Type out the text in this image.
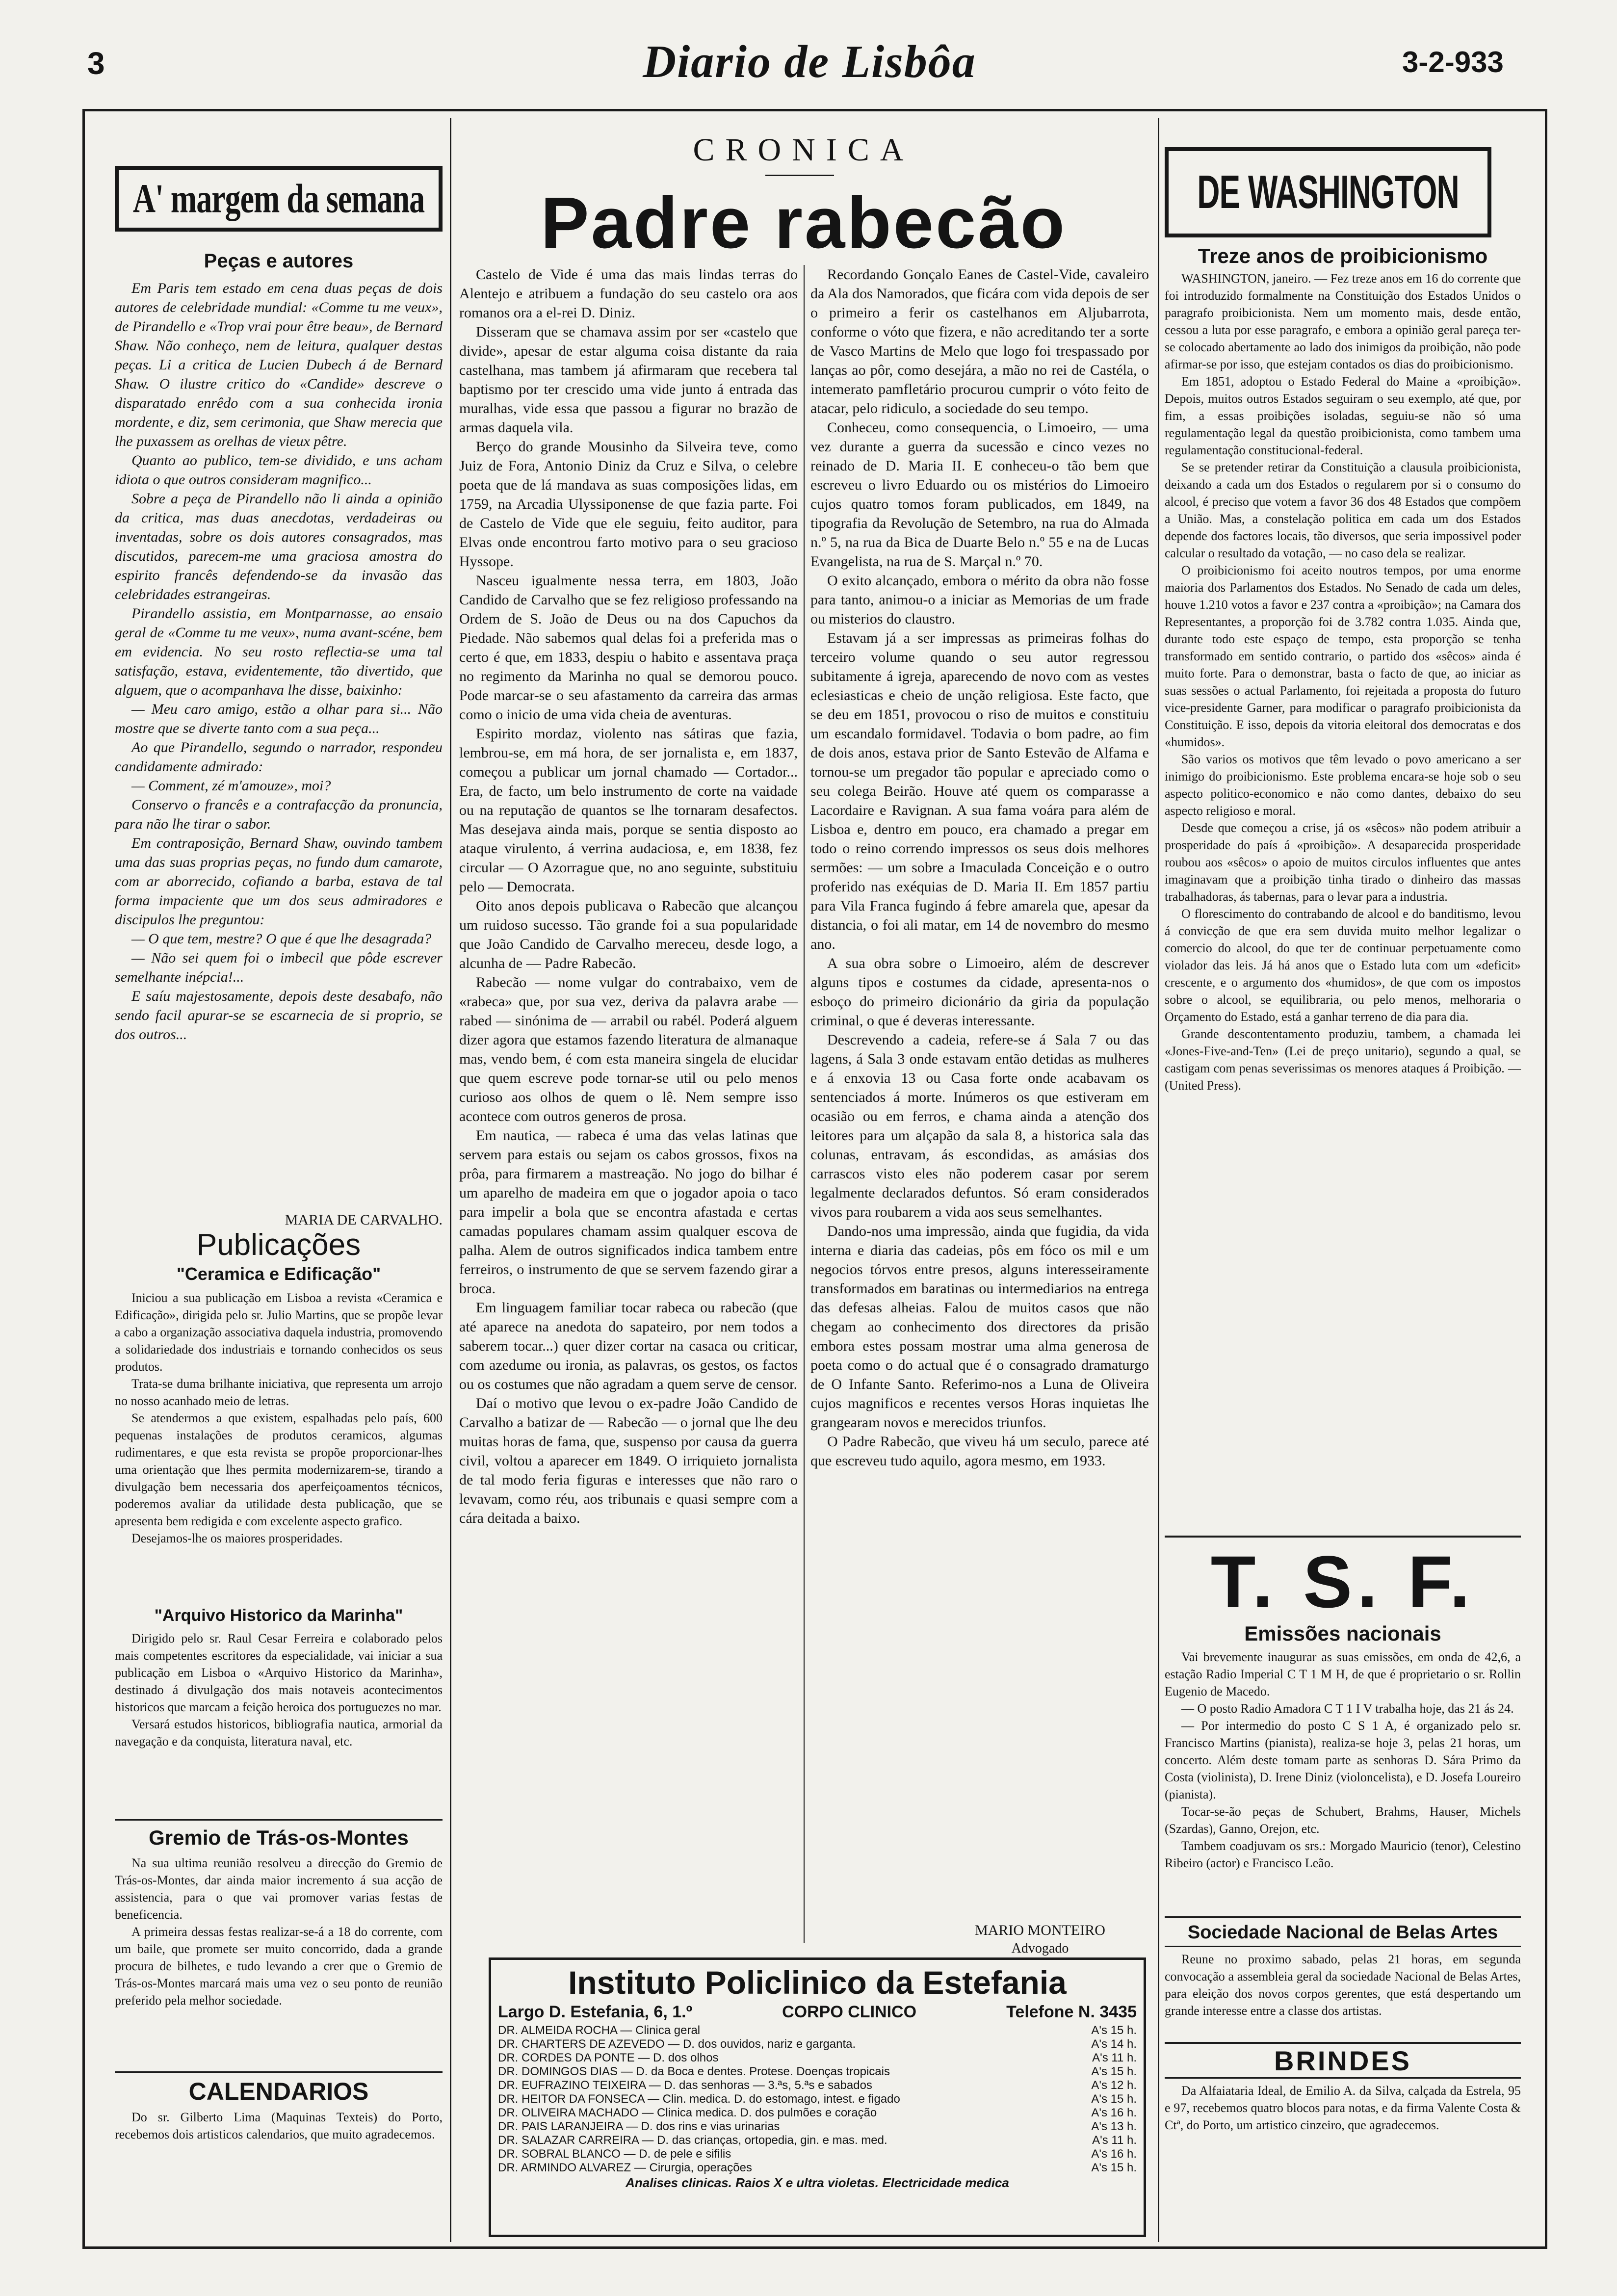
3	Diario de Lisbôa	3-2-933
A' margem da semana
Peças e autores

Em Paris tem estado em cena duas peças de dois autores de celebridade mundial: «Comme tu me veux», de Pirandello e «Trop vrai pour être beau», de Bernard Shaw. Não conheço, nem de leitura, qualquer destas peças. Li a critica de Lucien Dubech á de Bernard Shaw. O ilustre critico do «Candide» descreve o disparatado enrêdo com a sua conhecida ironia mordente, e diz, sem cerimonia, que Shaw merecia que lhe puxassem as orelhas de vieux pêtre.

Quanto ao publico, tem-se dividido, e uns acham idiota o que outros consideram magnifico...

Sobre a peça de Pirandello não li ainda a opinião da critica, mas duas anecdotas, verdadeiras ou inventadas, sobre os dois autores consagrados, mas discutidos, parecem-me uma graciosa amostra do espirito francês defendendo-se da invasão das celebridades estrangeiras.

Pirandello assistia, em Montparnasse, ao ensaio geral de «Comme tu me veux», numa avant-scéne, bem em evidencia. No seu rosto reflectia-se uma tal satisfação, estava, evidentemente, tão divertido, que alguem, que o acompanhava lhe disse, baixinho:

— Meu caro amigo, estão a olhar para si... Não mostre que se diverte tanto com a sua peça...

Ao que Pirandello, segundo o narrador, respondeu candidamente admirado:

— Comment, zé m'amouze», moi?

Conservo o francês e a contrafacção da pronuncia, para não lhe tirar o sabor.

Em contraposição, Bernard Shaw, ouvindo tambem uma das suas proprias peças, no fundo dum camarote, com ar aborrecido, cofiando a barba, estava de tal forma impaciente que um dos seus admiradores e discipulos lhe preguntou:

— O que tem, mestre? O que é que lhe desagrada?

— Não sei quem foi o imbecil que pôde escrever semelhante inépcia!...

E saíu majestosamente, depois deste desabafo, não sendo facil apurar-se se escarnecia de si proprio, se dos outros...

MARIA DE CARVALHO.
Publicações
"Ceramica e Edificação"

Iniciou a sua publicação em Lisboa a revista «Ceramica e Edificação», dirigida pelo sr. Julio Martins, que se propõe levar a cabo a organização associativa daquela industria, promovendo a solidariedade dos industriais e tornando conhecidos os seus produtos.

Trata-se duma brilhante iniciativa, que representa um arrojo no nosso acanhado meio de letras.

Se atendermos a que existem, espalhadas pelo país, 600 pequenas instalações de produtos ceramicos, algumas rudimentares, e que esta revista se propõe proporcionar-lhes uma orientação que lhes permita modernizarem-se, tirando a divulgação bem necessaria dos aperfeiçoamentos técnicos, poderemos avaliar da utilidade desta publicação, que se apresenta bem redigida e com excelente aspecto grafico.

Desejamos-lhe os maiores prosperidades.

"Arquivo Historico da Marinha"

Dirigido pelo sr. Raul Cesar Ferreira e colaborado pelos mais competentes escritores da especialidade, vai iniciar a sua publicação em Lisboa o «Arquivo Historico da Marinha», destinado á divulgação dos mais notaveis acontecimentos historicos que marcam a feição heroica dos portuguezes no mar.

Versará estudos historicos, bibliografia nautica, armorial da navegação e da conquista, literatura naval, etc.

Gremio de Trás-os-Montes

Na sua ultima reunião resolveu a direcção do Gremio de Trás-os-Montes, dar ainda maior incremento á sua acção de assistencia, para o que vai promover varias festas de beneficencia.

A primeira dessas festas realizar-se-á a 18 do corrente, com um baile, que promete ser muito concorrido, dada a grande procura de bilhetes, e tudo levando a crer que o Gremio de Trás-os-Montes marcará mais uma vez o seu ponto de reunião preferido pela melhor sociedade.

CALENDARIOS

Do sr. Gilberto Lima (Maquinas Texteis) do Porto, recebemos dois artisticos calendarios, que muito agradecemos.

CRONICA
Padre rabecão

Castelo de Vide é uma das mais lindas terras do Alentejo e atribuem a fundação do seu castelo ora aos romanos ora a el-rei D. Diniz.

Disseram que se chamava assim por ser «castelo que divide», apesar de estar alguma coisa distante da raia castelhana, mas tambem já afirmaram que recebera tal baptismo por ter crescido uma vide junto á entrada das muralhas, vide essa que passou a figurar no brazão de armas daquela vila.

Berço do grande Mousinho da Silveira teve, como Juiz de Fora, Antonio Diniz da Cruz e Silva, o celebre poeta que de lá mandava as suas composições lidas, em 1759, na Arcadia Ulyssiponense de que fazia parte. Foi de Castelo de Vide que ele seguiu, feito auditor, para Elvas onde encontrou farto motivo para o seu gracioso Hyssope.

Nasceu igualmente nessa terra, em 1803, João Candido de Carvalho que se fez religioso professando na Ordem de S. João de Deus ou na dos Capuchos da Piedade. Não sabemos qual delas foi a preferida mas o certo é que, em 1833, despiu o habito e assentava praça no regimento da Marinha no qual se demorou pouco. Pode marcar-se o seu afastamento da carreira das armas como o inicio de uma vida cheia de aventuras.

Espirito mordaz, violento nas sátiras que fazia, lembrou-se, em má hora, de ser jornalista e, em 1837, começou a publicar um jornal chamado — Cortador... Era, de facto, um belo instrumento de corte na vaidade ou na reputação de quantos se lhe tornaram desafectos. Mas desejava ainda mais, porque se sentia disposto ao ataque virulento, á verrina audaciosa, e, em 1838, fez circular — O Azorrague que, no ano seguinte, substituiu pelo — Democrata.

Oito anos depois publicava o Rabecão que alcançou um ruidoso sucesso. Tão grande foi a sua popularidade que João Candido de Carvalho mereceu, desde logo, a alcunha de — Padre Rabecão.

Rabecão — nome vulgar do contrabaixo, vem de «rabeca» que, por sua vez, deriva da palavra arabe — rabed — sinónima de — arrabil ou rabél. Poderá alguem dizer agora que estamos fazendo literatura de almanaque mas, vendo bem, é com esta maneira singela de elucidar que quem escreve pode tornar-se util ou pelo menos curioso aos olhos de quem o lê. Nem sempre isso acontece com outros generos de prosa.

Em nautica, — rabeca é uma das velas latinas que servem para estais ou sejam os cabos grossos, fixos na prôa, para firmarem a mastreação. No jogo do bilhar é um aparelho de madeira em que o jogador apoia o taco para impelir a bola que se encontra afastada e certas camadas populares chamam assim qualquer escova de palha. Alem de outros significados indica tambem entre ferreiros, o instrumento de que se servem fazendo girar a broca.

Em linguagem familiar tocar rabeca ou rabecão (que até aparece na anedota do sapateiro, por nem todos a saberem tocar...) quer dizer cortar na casaca ou criticar, com azedume ou ironia, as palavras, os gestos, os factos ou os costumes que não agradam a quem serve de censor.

Daí o motivo que levou o ex-padre João Candido de Carvalho a batizar de — Rabecão — o jornal que lhe deu muitas horas de fama, que, suspenso por causa da guerra civil, voltou a aparecer em 1849. O irriquieto jornalista de tal modo feria figuras e interesses que não raro o levavam, como réu, aos tribunais e quasi sempre com a cára deitada a baixo.

Recordando Gonçalo Eanes de Castel-Vide, cavaleiro da Ala dos Namorados, que ficára com vida depois de ser o primeiro a ferir os castelhanos em Aljubarrota, conforme o vóto que fizera, e não acreditando ter a sorte de Vasco Martins de Melo que logo foi trespassado por lanças ao pôr, como desejára, a mão no rei de Castéla, o intemerato pamfletário procurou cumprir o vóto feito de atacar, pelo ridiculo, a sociedade do seu tempo.

Conheceu, como consequencia, o Limoeiro, — uma vez durante a guerra da sucessão e cinco vezes no reinado de D. Maria II. E conheceu-o tão bem que escreveu o livro Eduardo ou os mistérios do Limoeiro cujos quatro tomos foram publicados, em 1849, na tipografia da Revolução de Setembro, na rua do Almada n.º 5, na rua da Bica de Duarte Belo n.º 55 e na de Lucas Evangelista, na rua de S. Marçal n.º 70.

O exito alcançado, embora o mérito da obra não fosse para tanto, animou-o a iniciar as Memorias de um frade ou misterios do claustro.

Estavam já a ser impressas as primeiras folhas do terceiro volume quando o seu autor regressou subitamente á igreja, aparecendo de novo com as vestes eclesiasticas e cheio de unção religiosa. Este facto, que se deu em 1851, provocou o riso de muitos e constituiu um escandalo formidavel. Todavia o bom padre, ao fim de dois anos, estava prior de Santo Estevão de Alfama e tornou-se um pregador tão popular e apreciado como o seu colega Beirão. Houve até quem os comparasse a Lacordaire e Ravignan. A sua fama voára para além de Lisboa e, dentro em pouco, era chamado a pregar em todo o reino correndo impressos os seus dois melhores sermões: — um sobre a Imaculada Conceição e o outro proferido nas exéquias de D. Maria II. Em 1857 partiu para Vila Franca fugindo á febre amarela que, apesar da distancia, o foi ali matar, em 14 de novembro do mesmo ano.

A sua obra sobre o Limoeiro, além de descrever alguns tipos e costumes da cidade, apresenta-nos o esboço do primeiro dicionário da giria da população criminal, o que é deveras interessante.

Descrevendo a cadeia, refere-se á Sala 7 ou das lagens, á Sala 3 onde estavam então detidas as mulheres e á enxovia 13 ou Casa forte onde acabavam os sentenciados á morte. Inúmeros os que estiveram em ocasião ou em ferros, e chama ainda a atenção dos leitores para um alçapão da sala 8, a historica sala das colunas, entravam, ás escondidas, as amásias dos carrascos visto eles não poderem casar por serem legalmente declarados defuntos. Só eram considerados vivos para roubarem a vida aos seus semelhantes.

Dando-nos uma impressão, ainda que fugidia, da vida interna e diaria das cadeias, pôs em fóco os mil e um negocios tórvos entre presos, alguns interesseiramente transformados em baratinas ou intermediarios na entrega das defesas alheias. Falou de muitos casos que não chegam ao conhecimento dos directores da prisão embora estes possam mostrar uma alma generosa de poeta como o do actual que é o consagrado dramaturgo de O Infante Santo. Referimo-nos a Luna de Oliveira cujos magnificos e recentes versos Horas inquietas lhe grangearam novos e merecidos triunfos.

O Padre Rabecão, que viveu há um seculo, parece até que escreveu tudo aquilo, agora mesmo, em 1933.

MARIO MONTEIRO
Advogado
Instituto Policlinico da Estefania
Largo D. Estefania, 6, 1.º	CORPO CLINICO	Telefone N. 3435
DR. ALMEIDA ROCHA — Clinica geral	A's 15 h.
DR. CHARTERS DE AZEVEDO — D. dos ouvidos, nariz e garganta.	A's 14 h.
DR. CORDES DA PONTE — D. dos olhos	A's 11 h.
DR. DOMINGOS DIAS — D. da Boca e dentes. Protese. Doenças tropicais	A's 15 h.
DR. EUFRAZINO TEIXEIRA — D. das senhoras — 3.ªs, 5.ªs e sabados	A's 12 h.
DR. HEITOR DA FONSECA — Clin. medica. D. do estomago, intest. e figado	A's 15 h.
DR. OLIVEIRA MACHADO — Clinica medica. D. dos pulmões e coração	A's 16 h.
DR. PAIS LARANJEIRA — D. dos rins e vias urinarias	A's 13 h.
DR. SALAZAR CARREIRA — D. das crianças, ortopedia, gin. e mas. med.	A's 11 h.
DR. SOBRAL BLANCO — D. de pele e sifilis	A's 16 h.
DR. ARMINDO ALVAREZ — Cirurgia, operações	A's 15 h.
Analises clinicas. Raios X e ultra violetas. Electricidade medica
DE WASHINGTON
Treze anos de proibicionismo

WASHINGTON, janeiro. — Fez treze anos em 16 do corrente que foi introduzido formalmente na Constituição dos Estados Unidos o paragrafo proibicionista. Nem um momento mais, desde então, cessou a luta por esse paragrafo, e embora a opinião geral pareça ter-se colocado abertamente ao lado dos inimigos da proibição, não pode afirmar-se por isso, que estejam contados os dias do proibicionismo.

Em 1851, adoptou o Estado Federal do Maine a «proibição». Depois, muitos outros Estados seguiram o seu exemplo, até que, por fim, a essas proibições isoladas, seguiu-se não só uma regulamentação legal da questão proibicionista, como tambem uma regulamentação constitucional-federal.

Se se pretender retirar da Constituição a clausula proibicionista, deixando a cada um dos Estados o regularem por si o consumo do alcool, é preciso que votem a favor 36 dos 48 Estados que compõem a União. Mas, a constelação politica em cada um dos Estados depende dos factores locais, tão diversos, que seria impossivel poder calcular o resultado da votação, — no caso dela se realizar.

O proibicionismo foi aceito noutros tempos, por uma enorme maioria dos Parlamentos dos Estados. No Senado de cada um deles, houve 1.210 votos a favor e 237 contra a «proibição»; na Camara dos Representantes, a proporção foi de 3.782 contra 1.035. Ainda que, durante todo este espaço de tempo, esta proporção se tenha transformado em sentido contrario, o partido dos «sêcos» ainda é muito forte. Para o demonstrar, basta o facto de que, ao iniciar as suas sessões o actual Parlamento, foi rejeitada a proposta do futuro vice-presidente Garner, para modificar o paragrafo proibicionista da Constituição. E isso, depois da vitoria eleitoral dos democratas e dos «humidos».

São varios os motivos que têm levado o povo americano a ser inimigo do proibicionismo. Este problema encara-se hoje sob o seu aspecto politico-economico e não como dantes, debaixo do seu aspecto religioso e moral.

Desde que começou a crise, já os «sêcos» não podem atribuir a prosperidade do país á «proibição». A desaparecida prosperidade roubou aos «sêcos» o apoio de muitos circulos influentes que antes imaginavam que a proibição tinha tirado o dinheiro das massas trabalhadoras, ás tabernas, para o levar para a industria.

O florescimento do contrabando de alcool e do banditismo, levou á convicção de que era sem duvida muito melhor legalizar o comercio do alcool, do que ter de continuar perpetuamente como violador das leis. Já há anos que o Estado luta com um «deficit» crescente, e o argumento dos «humidos», de que com os impostos sobre o alcool, se equilibraria, ou pelo menos, melhoraria o Orçamento do Estado, está a ganhar terreno de dia para dia.

Grande descontentamento produziu, tambem, a chamada lei «Jones-Five-and-Ten» (Lei de preço unitario), segundo a qual, se castigam com penas severissimas os menores ataques á Proibição. — (United Press).

T. S. F.
Emissões nacionais

Vai brevemente inaugurar as suas emissões, em onda de 42,6, a estação Radio Imperial C T 1 M H, de que é proprietario o sr. Rollin Eugenio de Macedo.

— O posto Radio Amadora C T 1 I V trabalha hoje, das 21 ás 24.

— Por intermedio do posto C S 1 A, é organizado pelo sr. Francisco Martins (pianista), realiza-se hoje 3, pelas 21 horas, um concerto. Além deste tomam parte as senhoras D. Sára Primo da Costa (violinista), D. Irene Diniz (violoncelista), e D. Josefa Loureiro (pianista).

Tocar-se-ão peças de Schubert, Brahms, Hauser, Michels (Szardas), Ganno, Orejon, etc.

Tambem coadjuvam os srs.: Morgado Mauricio (tenor), Celestino Ribeiro (actor) e Francisco Leão.

Sociedade Nacional de Belas Artes

Reune no proximo sabado, pelas 21 horas, em segunda convocação a assembleia geral da sociedade Nacional de Belas Artes, para eleição dos novos corpos gerentes, que está despertando um grande interesse entre a classe dos artistas.

BRINDES

Da Alfaiataria Ideal, de Emilio A. da Silva, calçada da Estrela, 95 e 97, recebemos quatro blocos para notas, e da firma Valente Costa & Ctª, do Porto, um artistico cinzeiro, que agradecemos.
